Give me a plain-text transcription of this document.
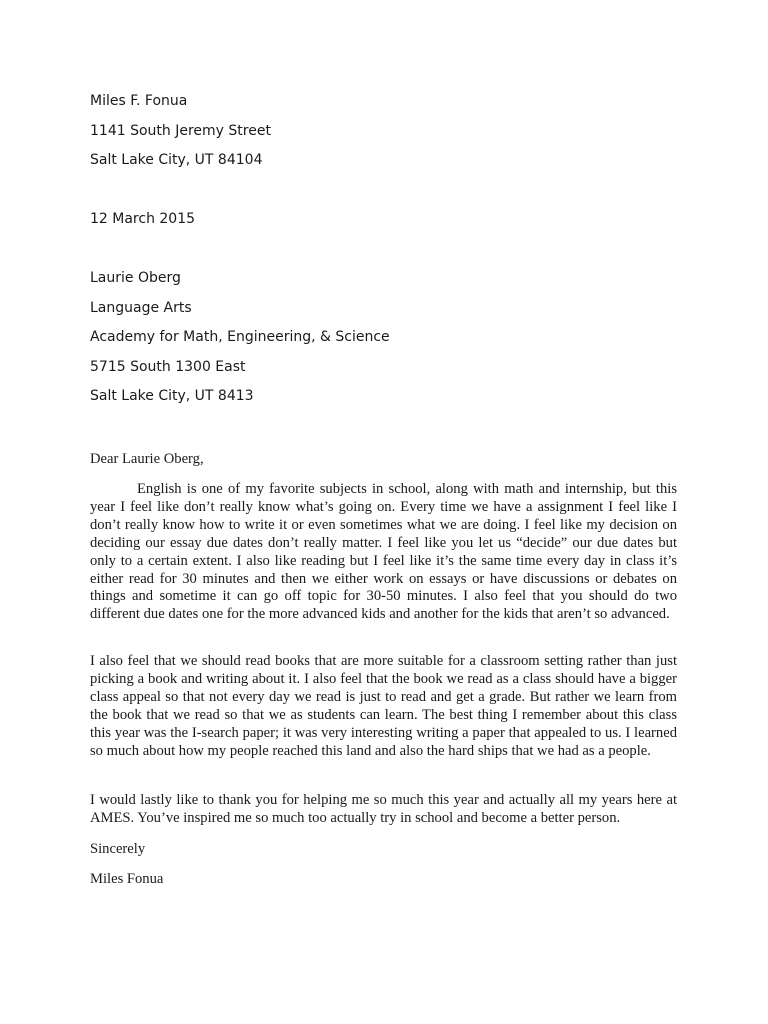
Miles F. Fonua
1141 South Jeremy Street
Salt Lake City, UT 84104
12 March 2015
Laurie Oberg
Language Arts
Academy for Math, Engineering, & Science
5715 South 1300 East
Salt Lake City, UT 8413
Dear Laurie Oberg,

English is one of my favorite subjects in school, along with math and internship, but this year I feel like don’t really know what’s going on. Every time we have a assignment I feel like I don’t really know how to write it or even sometimes what we are doing. I feel like my decision on deciding our essay due dates don’t really matter. I feel like you let us “decide” our due dates but only to a certain extent. I also like reading but I feel like it’s the same time every day in class it’s either read for 30 minutes and then we either work on essays or have discussions or debates on things and sometime it can go off topic for 30-50 minutes. I also feel that you should do two different due dates one for the more advanced kids and another for the kids that aren’t so advanced.

I also feel that we should read books that are more suitable for a classroom setting rather than just picking a book and writing about it. I also feel that the book we read as a class should have a bigger class appeal so that not every day we read is just to read and get a grade. But rather we learn from the book that we read so that we as students can learn. The best thing I remember about this class this year was the I-search paper; it was very interesting writing a paper that appealed to us. I learned so much about how my people reached this land and also the hard ships that we had as a people.

I would lastly like to thank you for helping me so much this year and actually all my years here at AMES. You’ve inspired me so much too actually try in school and become a better person.

Sincerely
Miles Fonua
